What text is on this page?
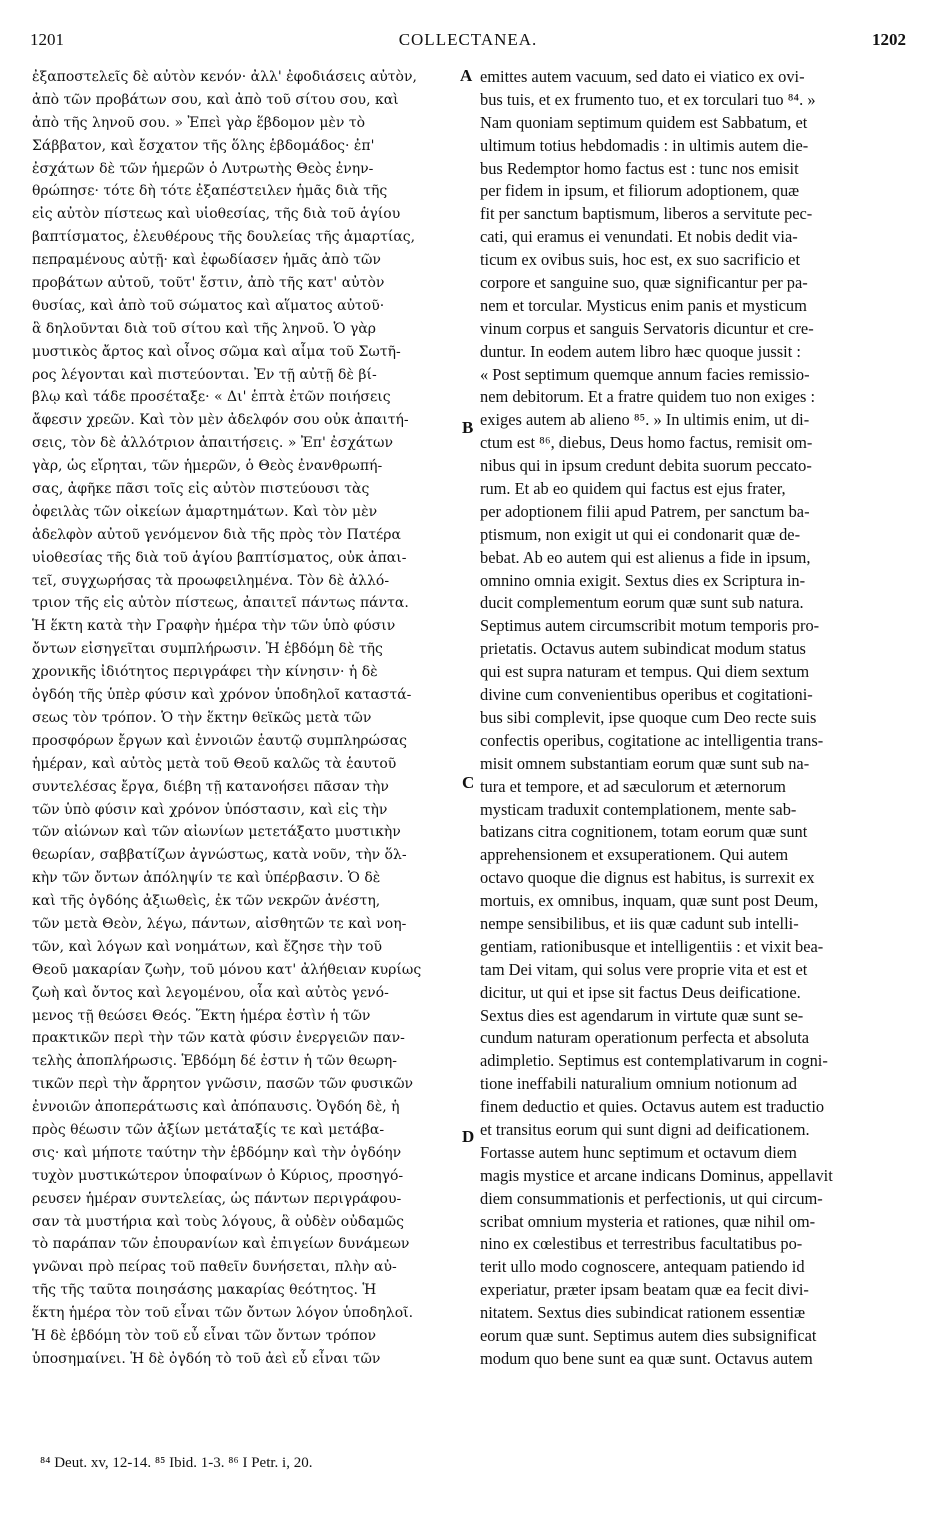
1201	COLLECTANEA.	1202
ἐξαποστελεῖς δὲ αὐτὸν κενόν· ἀλλ' ἐφοδιάσεις αὐτὸν,
ἀπὸ τῶν προβάτων σου, καὶ ἀπὸ τοῦ σίτου σου, καὶ
ἀπὸ τῆς ληνοῦ σου. » Ἐπεὶ γὰρ ἕβδομον μὲν τὸ
Σάββατον, καὶ ἔσχατον τῆς ὅλης ἑβδομάδος· ἐπ'
ἐσχάτων δὲ τῶν ἡμερῶν ὁ Λυτρωτὴς Θεὸς ἐνην-
θρώπησε· τότε δὴ τότε ἐξαπέστειλεν ἡμᾶς διὰ τῆς
εἰς αὐτὸν πίστεως καὶ υἱοθεσίας, τῆς διὰ τοῦ ἁγίου
βαπτίσματος, ἐλευθέρους τῆς δουλείας τῆς ἁμαρτίας,
πεπραμένους αὐτῇ· καὶ ἐφωδίασεν ἡμᾶς ἀπὸ τῶν
προβάτων αὐτοῦ, τοῦτ' ἔστιν, ἀπὸ τῆς κατ' αὐτὸν
θυσίας, καὶ ἀπὸ τοῦ σώματος καὶ αἵματος αὐτοῦ·
ἃ δηλοῦνται διὰ τοῦ σίτου καὶ τῆς ληνοῦ. Ὁ γὰρ
μυστικὸς ἄρτος καὶ οἶνος σῶμα καὶ αἷμα τοῦ Σωτῆ-
ρος λέγονται καὶ πιστεύονται. Ἐν τῇ αὐτῇ δὲ βί-
βλῳ καὶ τάδε προσέταξε· « Δι' ἑπτὰ ἐτῶν ποιήσεις
ἄφεσιν χρεῶν. Καὶ τὸν μὲν ἀδελφόν σου οὐκ ἀπαιτή-
σεις, τὸν δὲ ἀλλότριον ἀπαιτήσεις. » Ἐπ' ἐσχάτων
γὰρ, ὡς εἴρηται, τῶν ἡμερῶν, ὁ Θεὸς ἐνανθρωπή-
σας, ἀφῆκε πᾶσι τοῖς εἰς αὐτὸν πιστεύουσι τὰς
ὀφειλὰς τῶν οἰκείων ἁμαρτημάτων. Καὶ τὸν μὲν
ἀδελφὸν αὐτοῦ γενόμενον διὰ τῆς πρὸς τὸν Πατέρα
υἱοθεσίας τῆς διὰ τοῦ ἁγίου βαπτίσματος, οὐκ ἀπαι-
τεῖ, συγχωρήσας τὰ προωφειλημένα. Τὸν δὲ ἀλλό-
τριον τῆς εἰς αὐτὸν πίστεως, ἀπαιτεῖ πάντως πάντα.
Ἡ ἕκτη κατὰ τὴν Γραφὴν ἡμέρα τὴν τῶν ὑπὸ φύσιν
ὄντων εἰσηγεῖται συμπλήρωσιν. Ἡ ἑβδόμη δὲ τῆς
χρονικῆς ἰδιότητος περιγράφει τὴν κίνησιν· ἡ δὲ
ὀγδόη τῆς ὑπὲρ φύσιν καὶ χρόνον ὑποδηλοῖ καταστά-
σεως τὸν τρόπον. Ὁ τὴν ἕκτην θεϊκῶς μετὰ τῶν
προσφόρων ἔργων καὶ ἐννοιῶν ἑαυτῷ συμπληρώσας
ἡμέραν, καὶ αὐτὸς μετὰ τοῦ Θεοῦ καλῶς τὰ ἑαυτοῦ
συντελέσας ἔργα, διέβη τῇ κατανοήσει πᾶσαν τὴν
τῶν ὑπὸ φύσιν καὶ χρόνον ὑπόστασιν, καὶ εἰς τὴν
τῶν αἰώνων καὶ τῶν αἰωνίων μετετάξατο μυστικὴν
θεωρίαν, σαββατίζων ἀγνώστως, κατὰ νοῦν, τὴν ὅλ-
κὴν τῶν ὄντων ἀπόληψίν τε καὶ ὑπέρβασιν. Ὁ δὲ
καὶ τῆς ὀγδόης ἀξιωθεὶς, ἐκ τῶν νεκρῶν ἀνέστη,
τῶν μετὰ Θεὸν, λέγω, πάντων, αἰσθητῶν τε καὶ νοη-
τῶν, καὶ λόγων καὶ νοημάτων, καὶ ἔζησε τὴν τοῦ
Θεοῦ μακαρίαν ζωὴν, τοῦ μόνου κατ' ἀλήθειαν κυρίως
ζωὴ καὶ ὄντος καὶ λεγομένου, οἷα καὶ αὐτὸς γενό-
μενος τῇ θεώσει Θεός. Ἕκτη ἡμέρα ἐστὶν ἡ τῶν
πρακτικῶν περὶ τὴν τῶν κατὰ φύσιν ἐνεργειῶν παν-
τελὴς ἀποπλήρωσις. Ἑβδόμη δέ ἐστιν ἡ τῶν θεωρη-
τικῶν περὶ τὴν ἄρρητον γνῶσιν, πασῶν τῶν φυσικῶν
ἐννοιῶν ἀποπεράτωσις καὶ ἀπόπαυσις. Ὀγδόη δὲ, ἡ
πρὸς θέωσιν τῶν ἀξίων μετάταξίς τε καὶ μετάβα-
σις· καὶ μήποτε ταύτην τὴν ἑβδόμην καὶ τὴν ὀγδόην
τυχὸν μυστικώτερον ὑποφαίνων ὁ Κύριος, προσηγό-
ρευσεν ἡμέραν συντελείας, ὡς πάντων περιγράφου-
σαν τὰ μυστήρια καὶ τοὺς λόγους, ἃ οὐδὲν οὐδαμῶς
τὸ παράπαν τῶν ἐπουρανίων καὶ ἐπιγείων δυνάμεων
γνῶναι πρὸ πείρας τοῦ παθεῖν δυνήσεται, πλὴν αὐ-
τῆς τῆς ταῦτα ποιησάσης μακαρίας θεότητος. Ἡ
ἕκτη ἡμέρα τὸν τοῦ εἶναι τῶν ὄντων λόγον ὑποδηλοῖ.
Ἡ δὲ ἑβδόμη τὸν τοῦ εὖ εἶναι τῶν ὄντων τρόπον
ὑποσημαίνει. Ἡ δὲ ὀγδόη τὸ τοῦ ἀεὶ εὖ εἶναι τῶν
A
B
C
D
emittes autem vacuum, sed dato ei viatico ex ovi-
bus tuis, et ex frumento tuo, et ex torculari tuo ⁸⁴. »
Nam quoniam septimum quidem est Sabbatum, et
ultimum totius hebdomadis : in ultimis autem die-
bus Redemptor homo factus est : tunc nos emisit
per fidem in ipsum, et filiorum adoptionem, quæ
fit per sanctum baptismum, liberos a servitute pec-
cati, qui eramus ei venundati. Et nobis dedit via-
ticum ex ovibus suis, hoc est, ex suo sacrificio et
corpore et sanguine suo, quæ significantur per pa-
nem et torcular. Mysticus enim panis et mysticum
vinum corpus et sanguis Servatoris dicuntur et cre-
duntur. In eodem autem libro hæc quoque jussit :
« Post septimum quemque annum facies remissio-
nem debitorum. Et a fratre quidem tuo non exiges :
exiges autem ab alieno ⁸⁵. » In ultimis enim, ut di-
ctum est ⁸⁶, diebus, Deus homo factus, remisit om-
nibus qui in ipsum credunt debita suorum peccato-
rum. Et ab eo quidem qui factus est ejus frater,
per adoptionem filii apud Patrem, per sanctum ba-
ptismum, non exigit ut qui ei condonarit quæ de-
bebat. Ab eo autem qui est alienus a fide in ipsum,
omnino omnia exigit. Sextus dies ex Scriptura in-
ducit complementum eorum quæ sunt sub natura.
Septimus autem circumscribit motum temporis pro-
prietatis. Octavus autem subindicat modum status
qui est supra naturam et tempus. Qui diem sextum
divine cum convenientibus operibus et cogitationi-
bus sibi complevit, ipse quoque cum Deo recte suis
confectis operibus, cogitatione ac intelligentia trans-
misit omnem substantiam eorum quæ sunt sub na-
tura et tempore, et ad sæculorum et æternorum
mysticam traduxit contemplationem, mente sab-
batizans citra cognitionem, totam eorum quæ sunt
apprehensionem et exsuperationem. Qui autem
octavo quoque die dignus est habitus, is surrexit ex
mortuis, ex omnibus, inquam, quæ sunt post Deum,
nempe sensibilibus, et iis quæ cadunt sub intelli-
gentiam, rationibusque et intelligentiis : et vixit bea-
tam Dei vitam, qui solus vere proprie vita et est et
dicitur, ut qui et ipse sit factus Deus deificatione.
Sextus dies est agendarum in virtute quæ sunt se-
cundum naturam operationum perfecta et absoluta
adimpletio. Septimus est contemplativarum in cogni-
tione ineffabili naturalium omnium notionum ad
finem deductio et quies. Octavus autem est traductio
et transitus eorum qui sunt digni ad deificationem.
Fortasse autem hunc septimum et octavum diem
magis mystice et arcane indicans Dominus, appellavit
diem consummationis et perfectionis, ut qui circum-
scribat omnium mysteria et rationes, quæ nihil om-
nino ex cœlestibus et terrestribus facultatibus po-
terit ullo modo cognoscere, antequam patiendo id
experiatur, præter ipsam beatam quæ ea fecit divi-
nitatem. Sextus dies subindicat rationem essentiæ
eorum quæ sunt. Septimus autem dies subsignificat
modum quo bene sunt ea quæ sunt. Octavus autem
⁸⁴ Deut. xv, 12-14. ⁸⁵ Ibid. 1-3. ⁸⁶ I Petr. i, 20.
